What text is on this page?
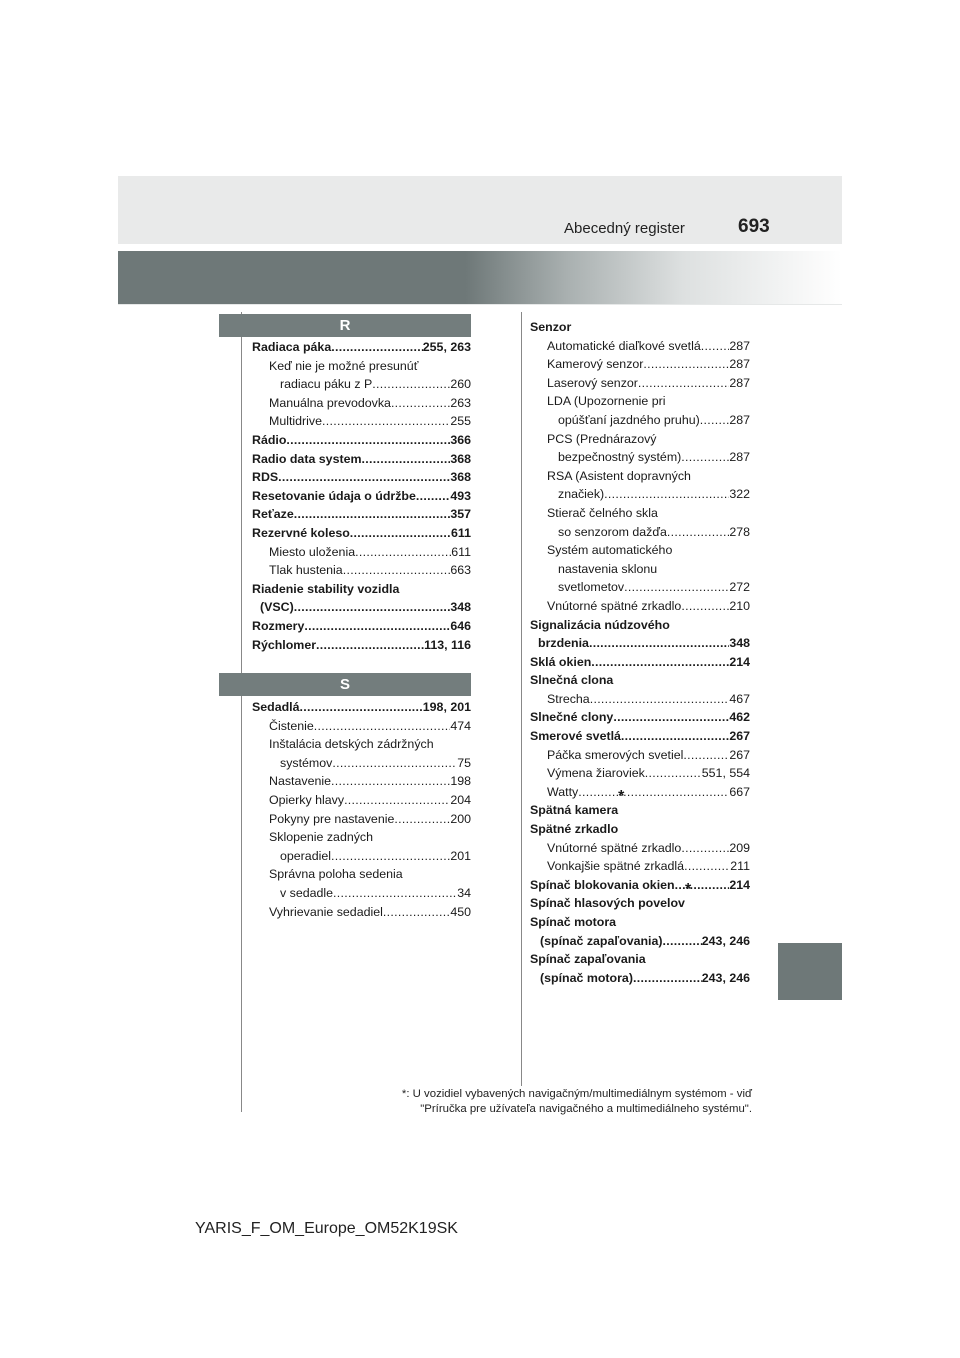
Abecedný register	693
R
Radiaca páka .....	255, 263
Keď nie je možné presunúť
radiacu páku z P .....	260
Manuálna prevodovka .....	263
Multidrive .....	255
Rádio .....	366
Radio data system .....	368
RDS .....	368
Resetovanie údaja o údržbe .....	493
Reťaze .....	357
Rezervné koleso .....	611
Miesto uloženia .....	611
Tlak hustenia .....	663
Riadenie stability vozidla
(VSC) .....	348
Rozmery .....	646
Rýchlomer .....	113, 116
S
Sedadlá .....	198, 201
Čistenie .....	474
Inštalácia detských zádržných
systémov .....	75
Nastavenie .....	198
Opierky hlavy .....	204
Pokyny pre nastavenie .....	200
Sklopenie zadných
operadiel .....	201
Správna poloha sedenia
v sedadle .....	34
Vyhrievanie sedadiel .....	450
Senzor
Automatické diaľkové svetlá ..... 287
Kamerový senzor .....	287
Laserový senzor .....	287
LDA (Upozornenie pri
opúšťaní jazdného pruhu) ..... 287
PCS (Prednárazový
bezpečnostný systém) .....	287
RSA (Asistent dopravných
značiek) .....	322
Stierač čelného skla
so senzorom dažďa .....	278
Systém automatického
nastavenia sklonu
svetlometov .....	272
Vnútorné spätné zrkadlo .....	210
Signalizácia núdzového
brzdenia .....	348
Sklá okien .....	214
Slnečná clona
Strecha .....	467
Slnečné clony .....	462
Smerové svetlá .....	267
Páčka smerových svetiel .....	267
Výmena žiaroviek .....	551, 554
Watty .....	667
Spätná kamera
*
Spätné zrkadlo
Vnútorné spätné zrkadlo .....	209
Vonkajšie spätné zrkadlá .....	211
Spínač blokovania okien .....	214
Spínač hlasových povelov
*
Spínač motora
(spínač zapaľovania) .....	243, 246
Spínač zapaľovania
(spínač motora) .....	243, 246
*: U vozidiel vybavených navigačným/multimediálnym systémom - viď
"Príručka pre užívateľa navigačného a multimediálneho systému".
YARIS_F_OM_Europe_OM52K19SK
